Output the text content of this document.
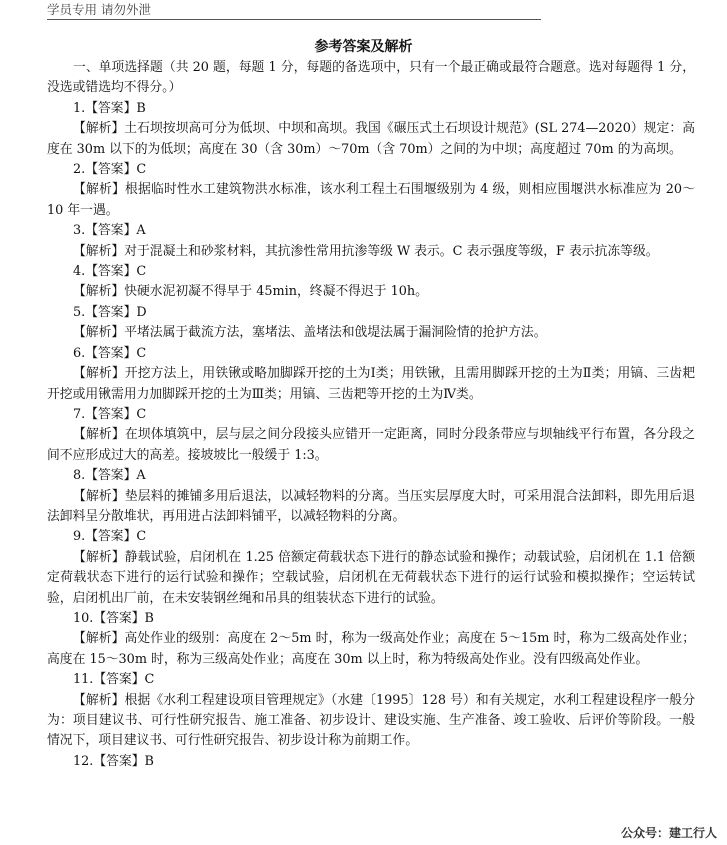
学员专用 请勿外泄
参考答案及解析

一、单项选择题（共 20 题，每题 1 分，每题的备选项中，只有一个最正确或最符合题意。选对每题得 1 分，没选或错选均不得分。）

1.【答案】B

【解析】土石坝按坝高可分为低坝、中坝和高坝。我国《碾压式土石坝设计规范》(SL 274—2020）规定：高度在 30m 以下的为低坝；高度在 30（含 30m）～70m（含 70m）之间的为中坝；高度超过 70m 的为高坝。

2.【答案】C

【解析】根据临时性水工建筑物洪水标准，该水利工程土石围堰级别为 4 级，则相应围堰洪水标准应为 20～10 年一遇。

3.【答案】A

【解析】对于混凝土和砂浆材料，其抗渗性常用抗渗等级 W 表示。C 表示强度等级，F 表示抗冻等级。

4.【答案】C

【解析】快硬水泥初凝不得早于 45min，终凝不得迟于 10h。

5.【答案】D

【解析】平堵法属于截流方法，塞堵法、盖堵法和戗堤法属于漏洞险情的抢护方法。

6.【答案】C

【解析】开挖方法上，用铁锹或略加脚踩开挖的土为Ⅰ类；用铁锹，且需用脚踩开挖的土为Ⅱ类；用镐、三齿耙开挖或用锹需用力加脚踩开挖的土为Ⅲ类；用镐、三齿耙等开挖的土为Ⅳ类。

7.【答案】C

【解析】在坝体填筑中，层与层之间分段接头应错开一定距离，同时分段条带应与坝轴线平行布置，各分段之间不应形成过大的高差。接坡坡比一般缓于 1:3。

8.【答案】A

【解析】垫层料的摊铺多用后退法，以减轻物料的分离。当压实层厚度大时，可采用混合法卸料，即先用后退法卸料呈分散堆状，再用进占法卸料铺平，以减轻物料的分离。

9.【答案】C

【解析】静载试验，启闭机在 1.25 倍额定荷载状态下进行的静态试验和操作；动载试验，启闭机在 1.1 倍额定荷载状态下进行的运行试验和操作；空载试验，启闭机在无荷载状态下进行的运行试验和模拟操作；空运转试验，启闭机出厂前，在未安装钢丝绳和吊具的组装状态下进行的试验。

10.【答案】B

【解析】高处作业的级别：高度在 2～5m 时，称为一级高处作业；高度在 5～15m 时，称为二级高处作业；高度在 15～30m 时，称为三级高处作业；高度在 30m 以上时，称为特级高处作业。没有四级高处作业。

11.【答案】C

【解析】根据《水利工程建设项目管理规定》（水建〔1995〕128 号）和有关规定，水利工程建设程序一般分为：项目建议书、可行性研究报告、施工准备、初步设计、建设实施、生产准备、竣工验收、后评价等阶段。一般情况下，项目建议书、可行性研究报告、初步设计称为前期工作。

12.【答案】B

公众号：建工行人
